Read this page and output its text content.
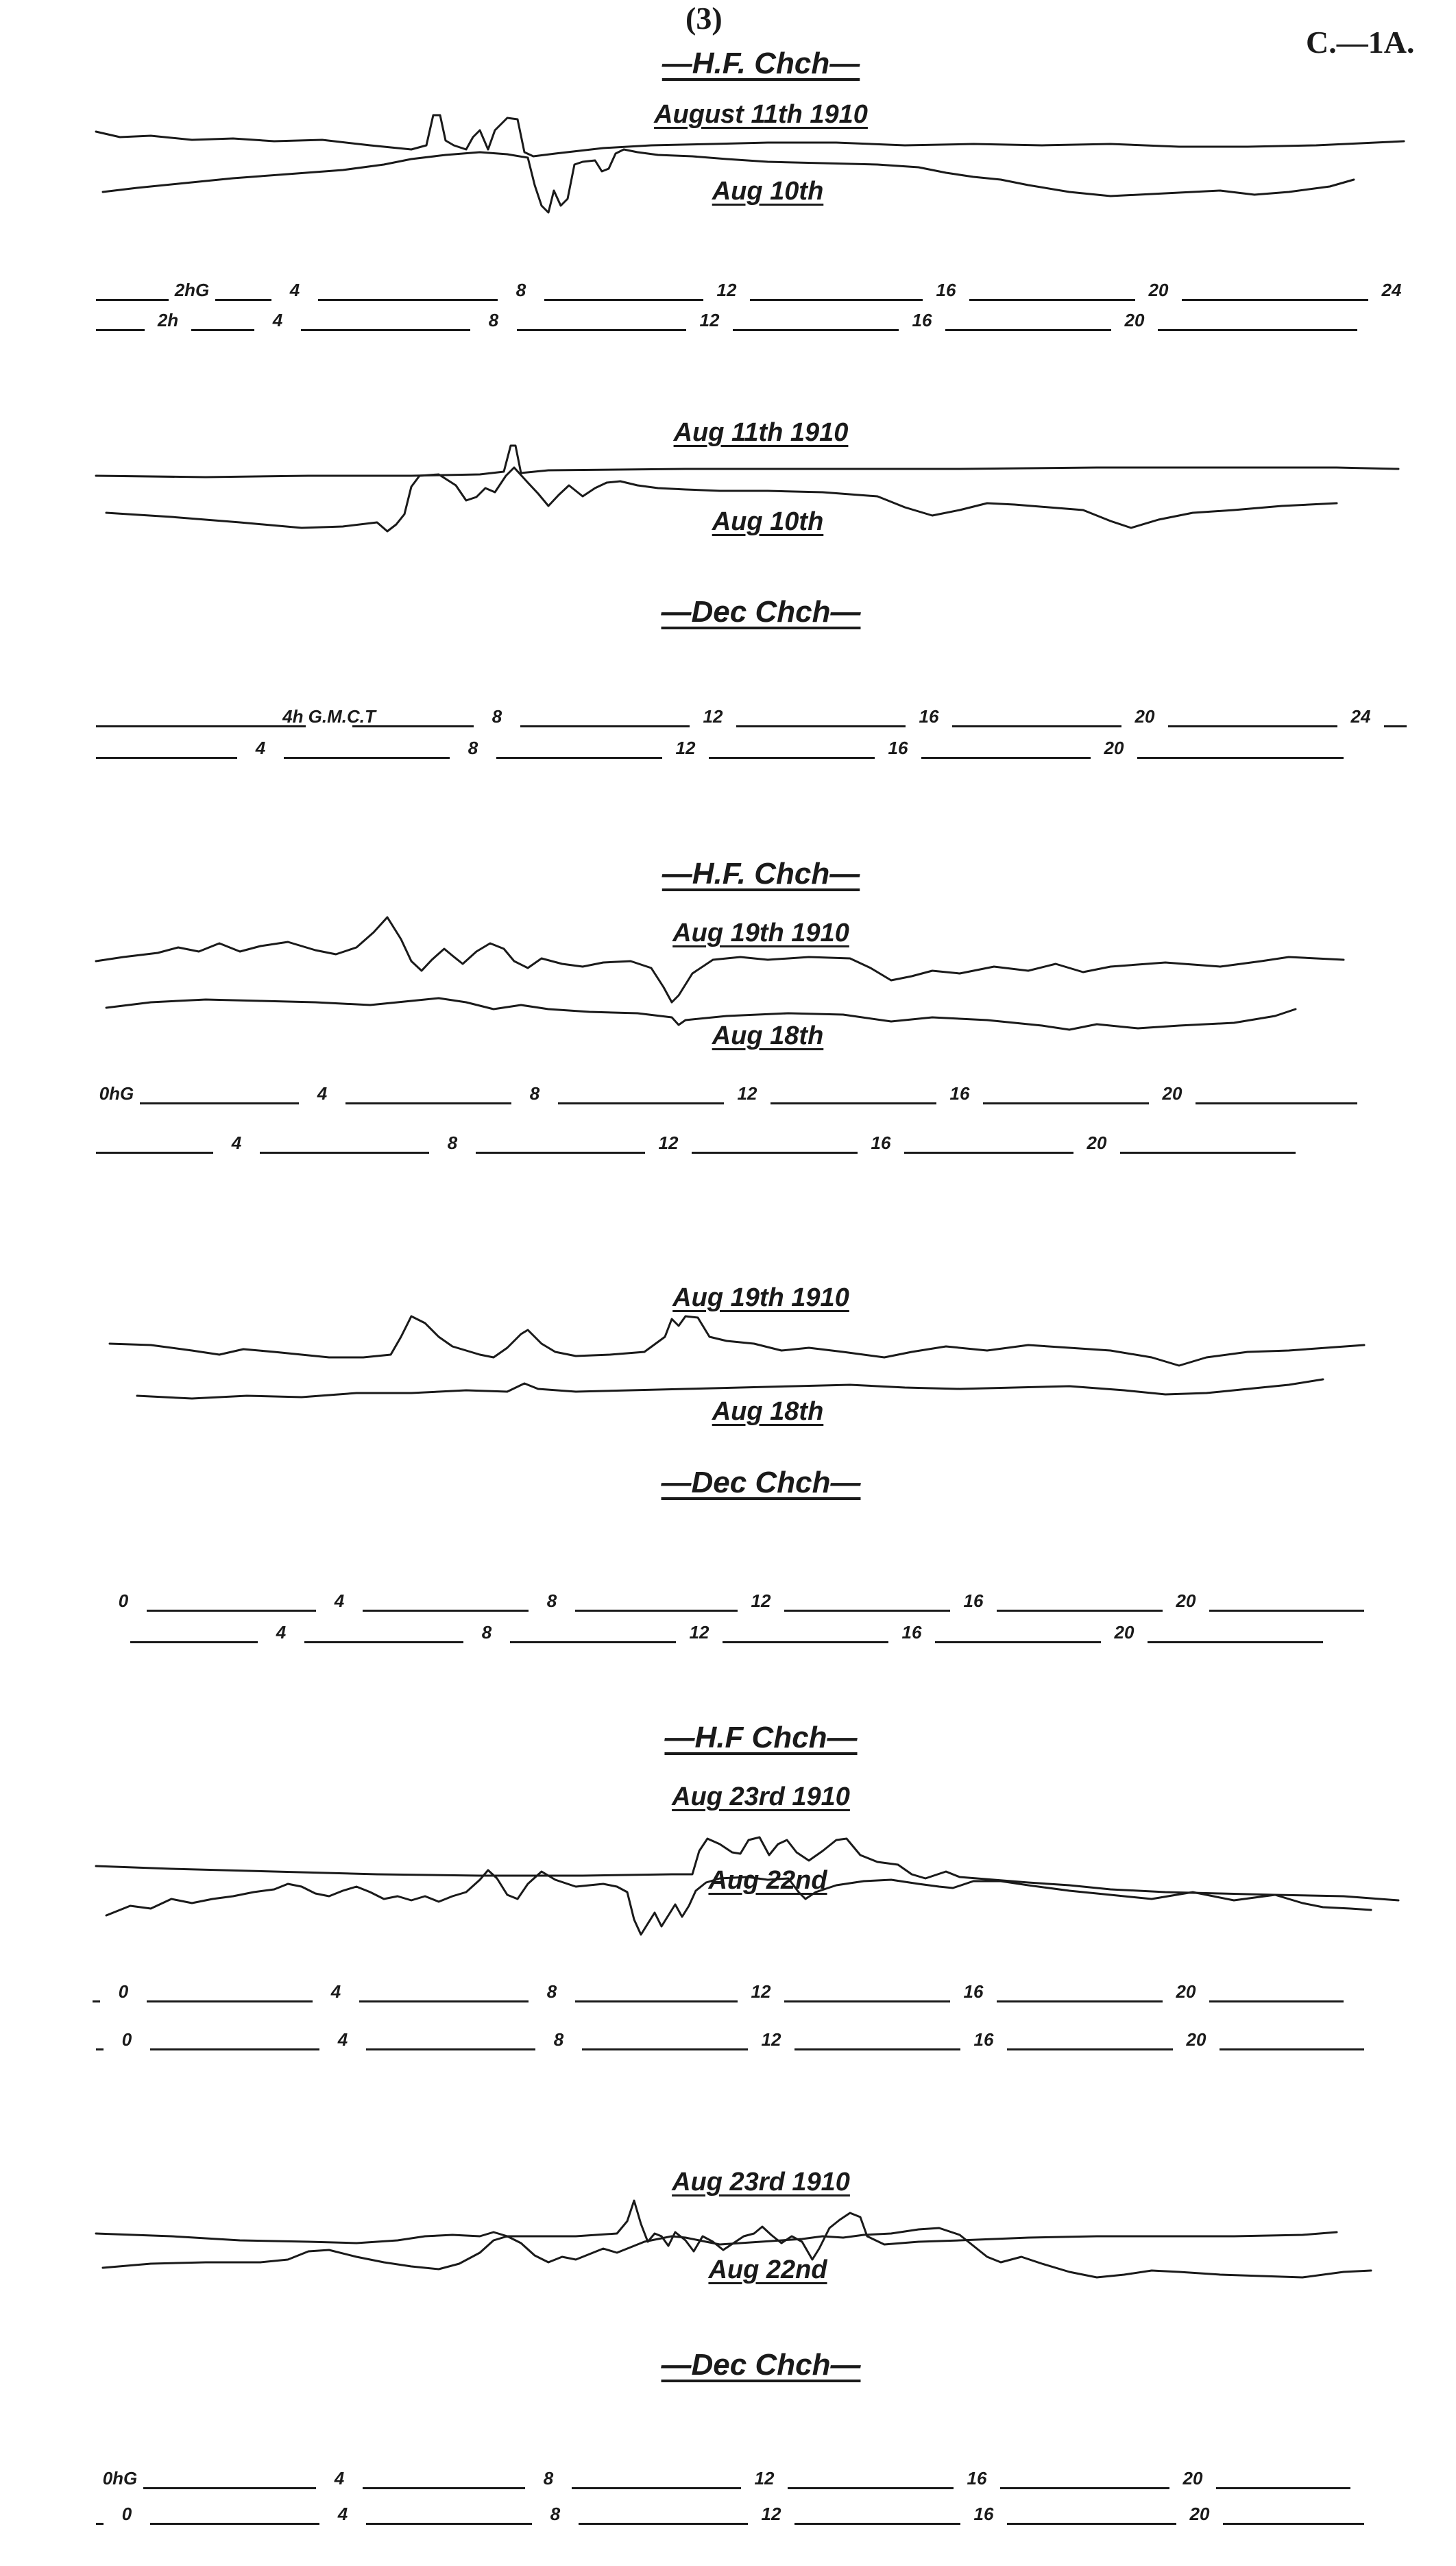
(3)
C.—1A.
—H.F. Chch—
—Dec Chch—
—H.F. Chch—
—Dec Chch—
—H.F Chch—
—Dec Chch—
August 11th 1910
Aug 10th
Aug 11th 1910
Aug 10th
Aug 19th 1910
Aug 18th
Aug 19th 1910
Aug 18th
Aug 23rd 1910
Aug 22nd
Aug 23rd 1910
Aug 22nd
2hG	4	8	12	16	20	24
2h	4	8	12	16	20
4h G.M.C.T	8	12	16	20	24
4	8	12	16	20
0hG	4	8	12	16	20
4	8	12	16	20
0	4	8	12	16	20
4	8	12	16	20
0	4	8	12	16	20
0	4	8	12	16	20
0hG	4	8	12	16	20
0	4	8	12	16	20
